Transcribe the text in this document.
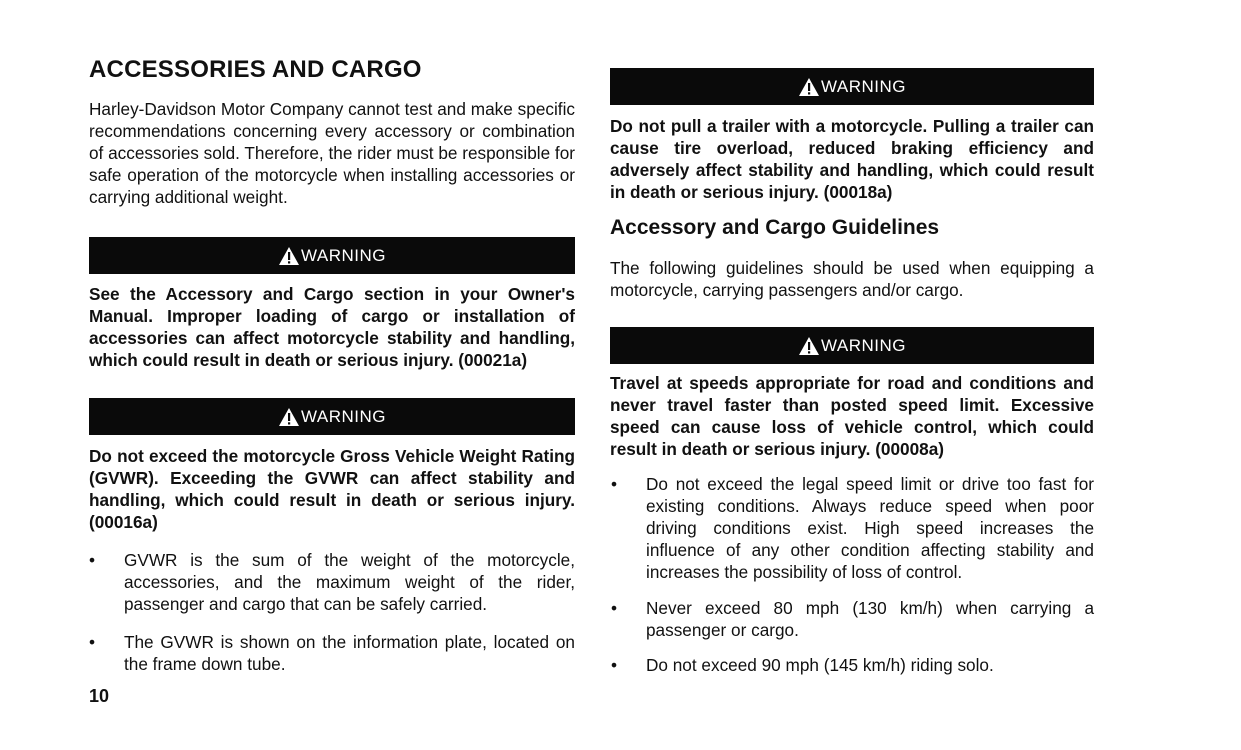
ACCESSORIES AND CARGO

Harley-Davidson Motor Company cannot test and make specific recommendations concerning every accessory or combination of accessories sold. Therefore, the rider must be responsible for safe operation of the motorcycle when installing accessories or carrying additional weight.

WARNING

See the Accessory and Cargo section in your Owner's Manual. Improper loading of cargo or installation of accessories can affect motorcycle stability and handling, which could result in death or serious injury. (00021a)

WARNING

Do not exceed the motorcycle Gross Vehicle Weight Rating (GVWR). Exceeding the GVWR can affect stability and handling, which could result in death or serious injury. (00016a)

• GVWR is the sum of the weight of the motorcycle, accessories, and the maximum weight of the rider, passenger and cargo that can be safely carried.
• The GVWR is shown on the information plate, located on the frame down tube.
WARNING

Do not pull a trailer with a motorcycle. Pulling a trailer can cause tire overload, reduced braking efficiency and adversely affect stability and handling, which could result in death or serious injury. (00018a)

Accessory and Cargo Guidelines

The following guidelines should be used when equipping a motorcycle, carrying passengers and/or cargo.

WARNING

Travel at speeds appropriate for road and conditions and never travel faster than posted speed limit. Excessive speed can cause loss of vehicle control, which could result in death or serious injury. (00008a)

• Do not exceed the legal speed limit or drive too fast for existing conditions. Always reduce speed when poor driving conditions exist. High speed increases the influence of any other condition affecting stability and increases the possibility of loss of control.
• Never exceed 80 mph (130 km/h) when carrying a passenger or cargo.
• Do not exceed 90 mph (145 km/h) riding solo.
10
